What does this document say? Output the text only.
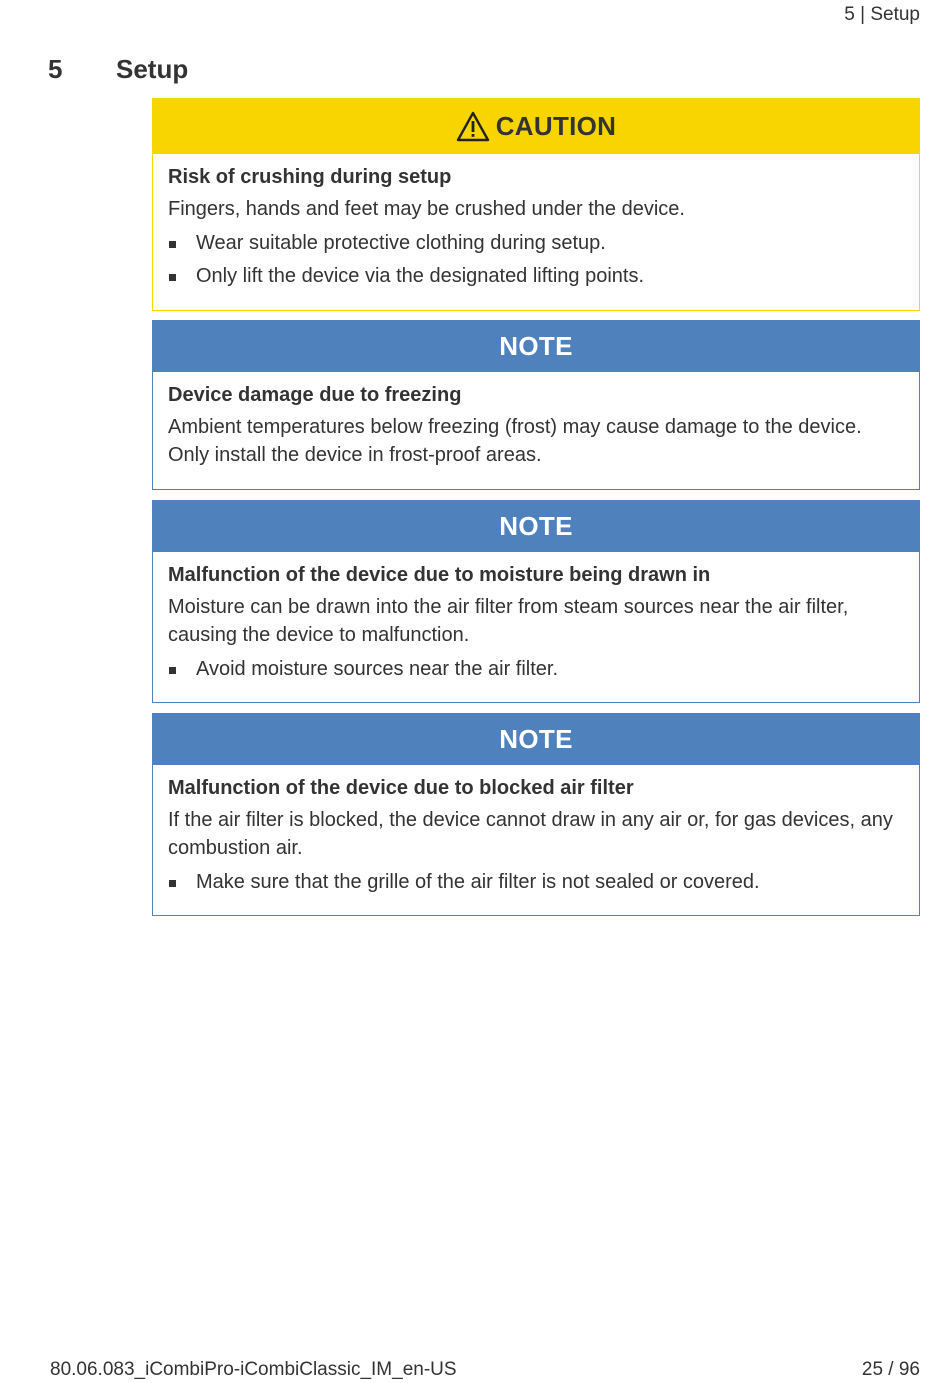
5 | Setup
5 Setup
CAUTION

Risk of crushing during setup

Fingers, hands and feet may be crushed under the device.

Wear suitable protective clothing during setup.
Only lift the device via the designated lifting points.
NOTE

Device damage due to freezing

Ambient temperatures below freezing (frost) may cause damage to the device. Only install the device in frost-proof areas.

NOTE

Malfunction of the device due to moisture being drawn in

Moisture can be drawn into the air filter from steam sources near the air filter, causing the device to malfunction.

Avoid moisture sources near the air filter.
NOTE

Malfunction of the device due to blocked air filter

If the air filter is blocked, the device cannot draw in any air or, for gas devices, any combustion air.

Make sure that the grille of the air filter is not sealed or covered.
80.06.083_iCombiPro-iCombiClassic_IM_en-US	25 / 96
